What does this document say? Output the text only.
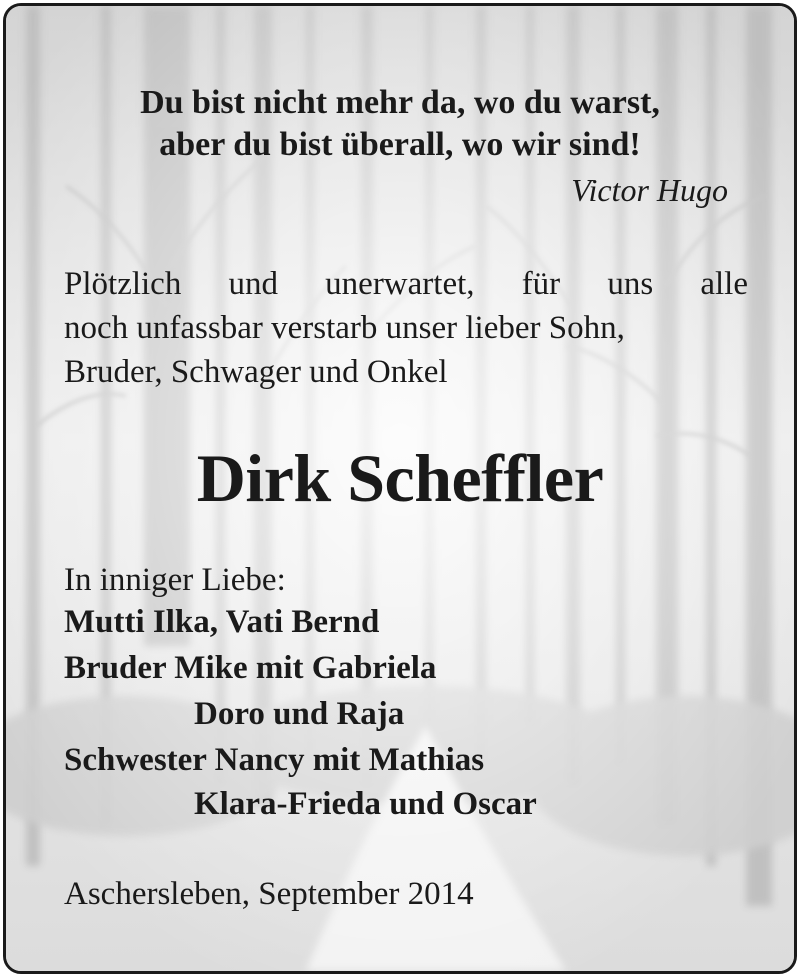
Du bist nicht mehr da, wo du warst,
aber du bist überall, wo wir sind!
Victor Hugo
Plötzlich und unerwartet, für uns alle
noch unfassbar verstarb unser lieber Sohn,
Bruder, Schwager und Onkel
Dirk Scheffler
In inniger Liebe:
Mutti Ilka, Vati Bernd
Bruder Mike mit Gabriela
Doro und Raja
Schwester Nancy mit Mathias
Klara-Frieda und Oscar
Aschersleben, September 2014
